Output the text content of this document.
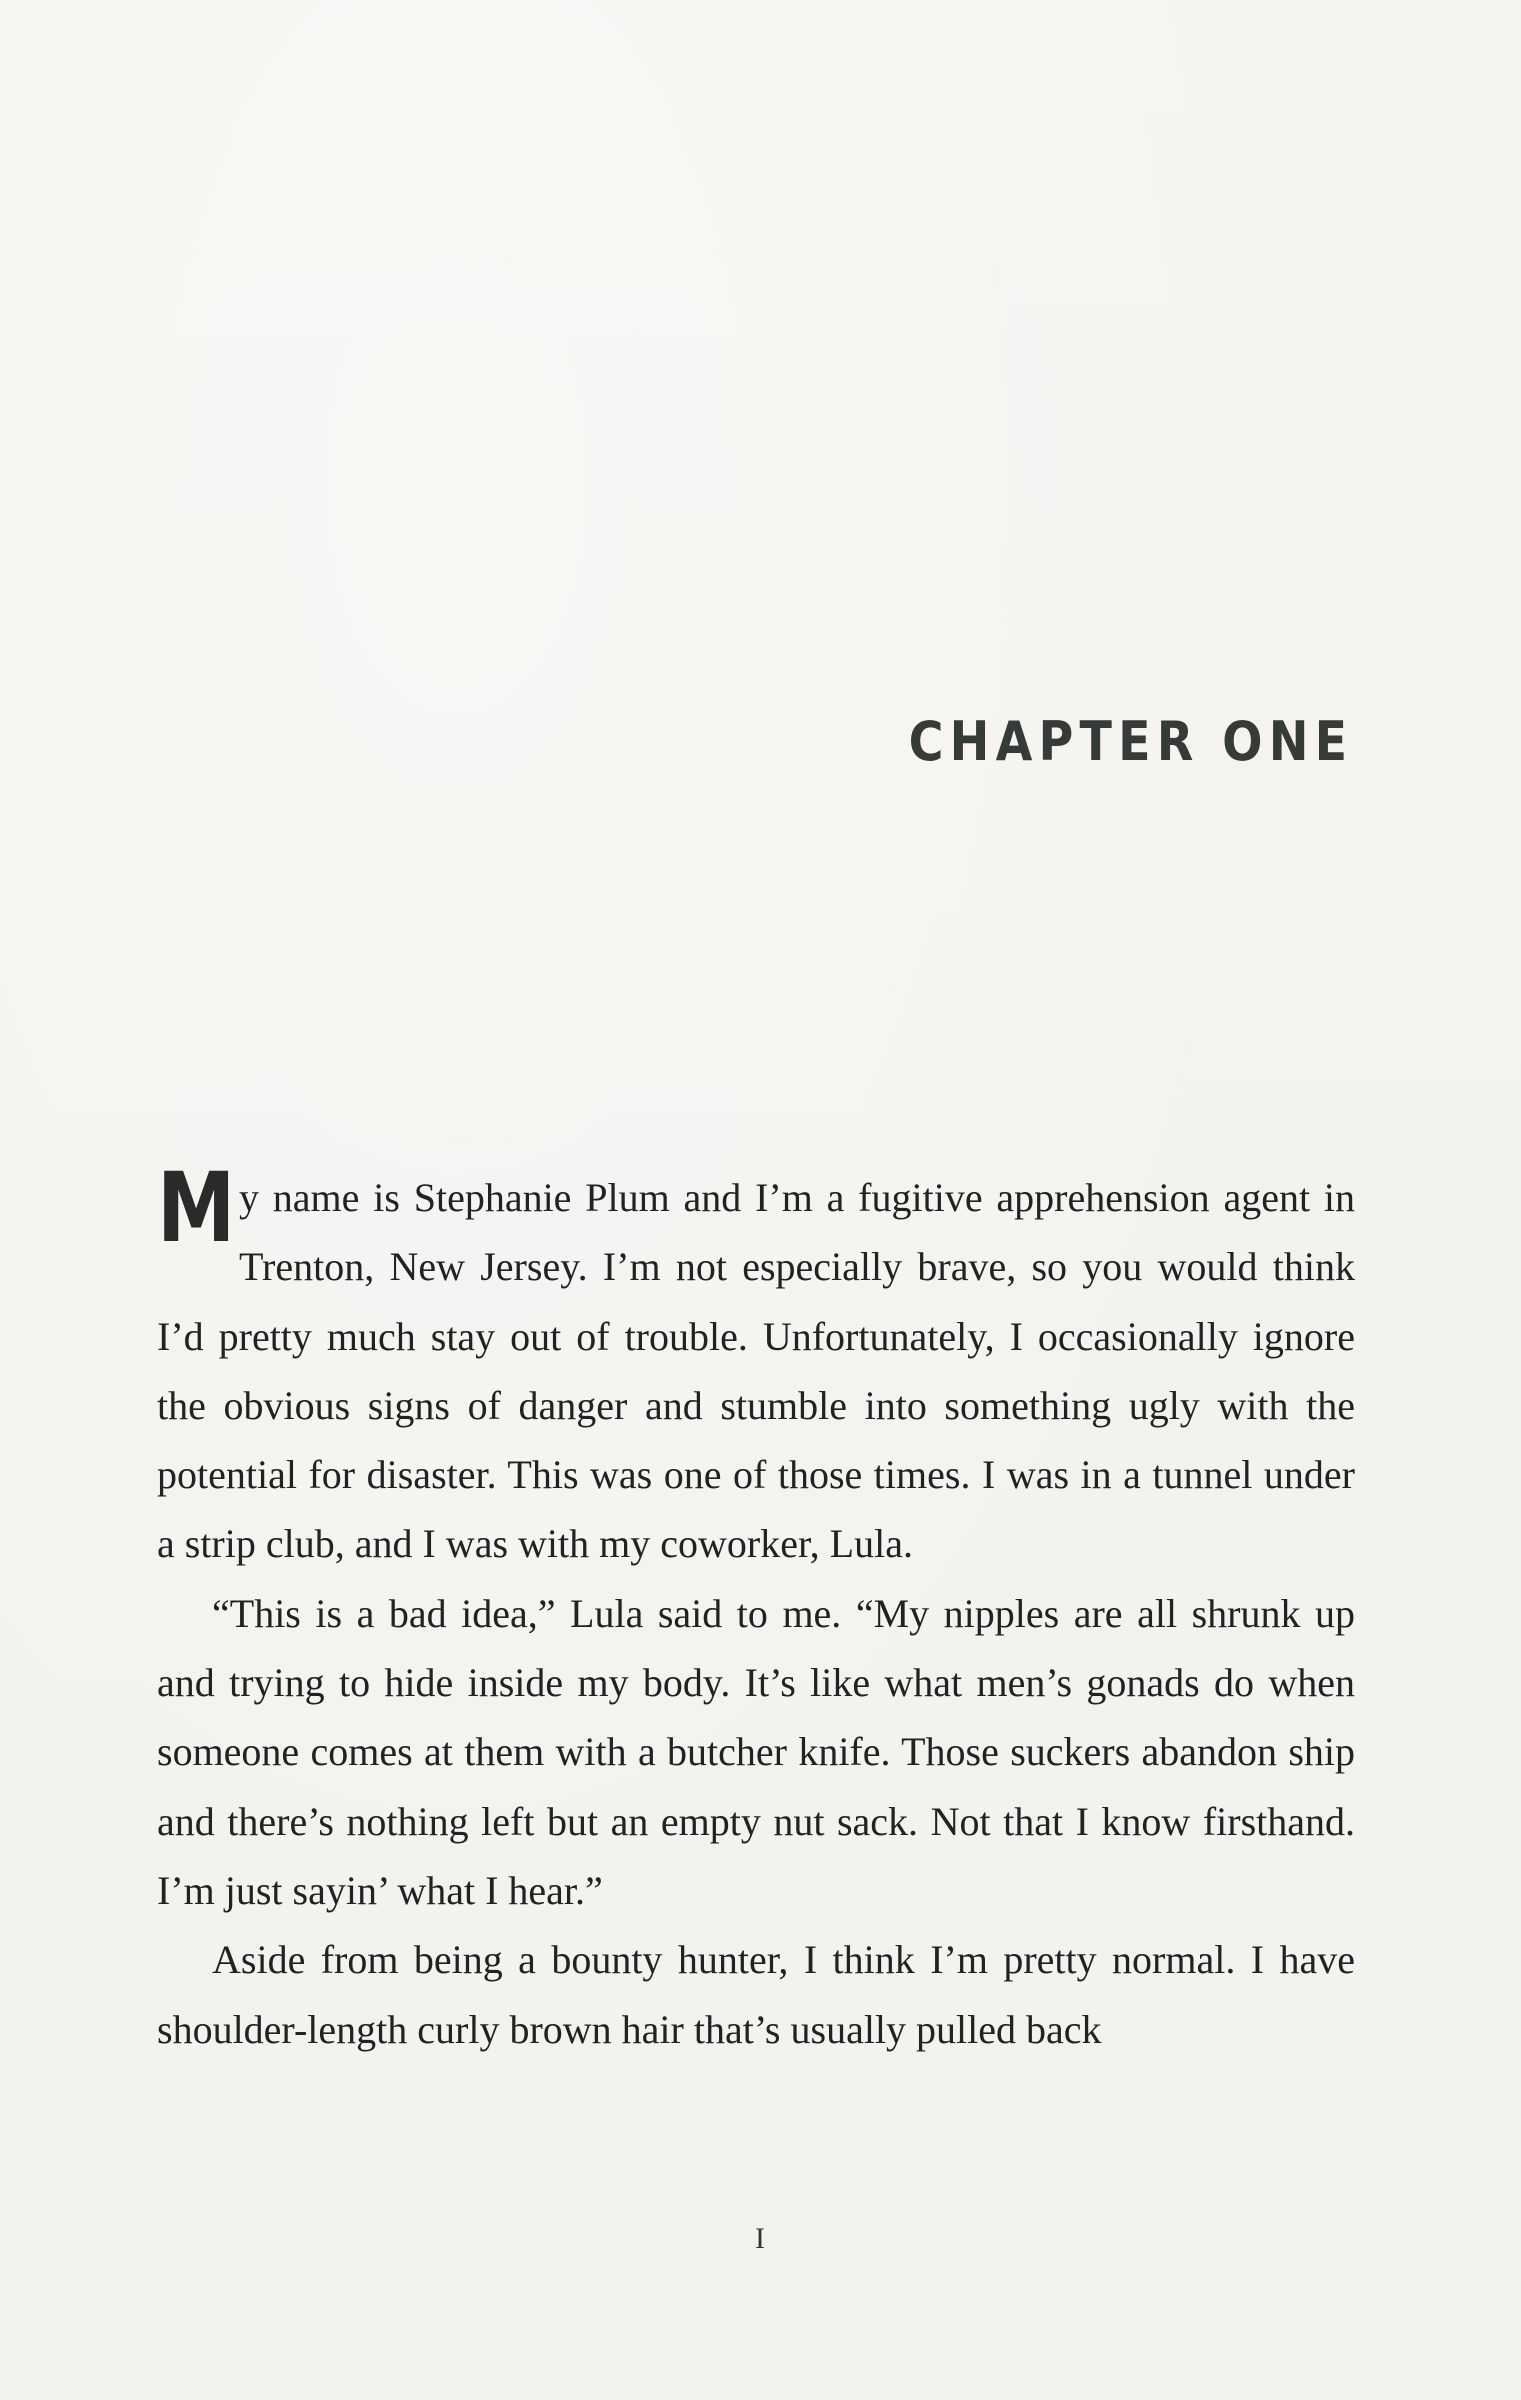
CHAPTER ONE

My name is Stephanie Plum and I’m a fugitive apprehension agent in Trenton, New Jersey. I’m not especially brave, so you would think I’d pretty much stay out of trouble. Unfortunately, I occasionally ignore the obvious signs of danger and stumble into something ugly with the potential for disaster. This was one of those times. I was in a tunnel under a strip club, and I was with my coworker, Lula.

“This is a bad idea,” Lula said to me. “My nipples are all shrunk up and trying to hide inside my body. It’s like what men’s gonads do when someone comes at them with a butcher knife. Those suckers abandon ship and there’s nothing left but an empty nut sack. Not that I know firsthand. I’m just sayin’ what I hear.”

Aside from being a bounty hunter, I think I’m pretty normal. I have shoulder-length curly brown hair that’s usually pulled back

I
